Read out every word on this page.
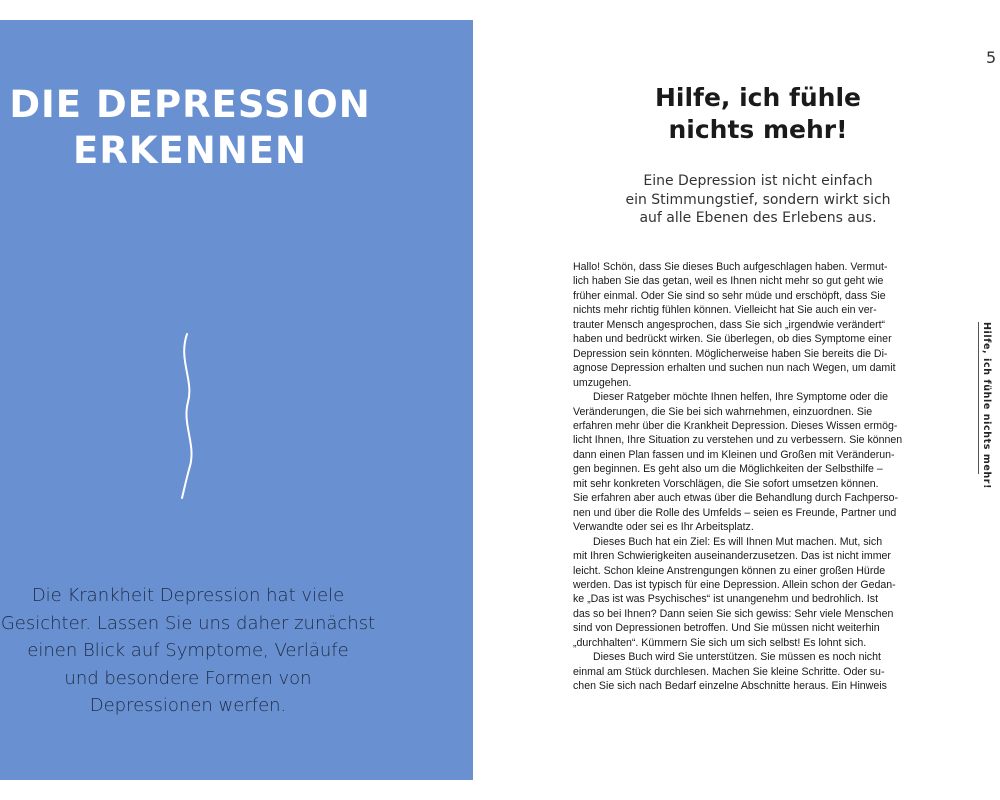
DIE DEPRESSION
ERKENNEN
Die Krankheit Depression hat viele
Gesichter. Lassen Sie uns daher zunächst
einen Blick auf Symptome, Verläufe
und besondere Formen von
Depressionen werfen.
5
Hilfe, ich fühle
nichts mehr!
Eine Depression ist nicht einfach
ein Stimmungstief, sondern wirkt sich
auf alle Ebenen des Erlebens aus.
Hallo! Schön, dass Sie dieses Buch aufgeschlagen haben. Vermut-
lich haben Sie das getan, weil es Ihnen nicht mehr so gut geht wie
früher einmal. Oder Sie sind so sehr müde und erschöpft, dass Sie
nichts mehr richtig fühlen können. Vielleicht hat Sie auch ein ver-
trauter Mensch angesprochen, dass Sie sich „irgendwie verändert“
haben und bedrückt wirken. Sie überlegen, ob dies Symptome einer
Depression sein könnten. Möglicherweise haben Sie bereits die Di-
agnose Depression erhalten und suchen nun nach Wegen, um damit
umzugehen.
Dieser Ratgeber möchte Ihnen helfen, Ihre Symptome oder die
Veränderungen, die Sie bei sich wahrnehmen, einzuordnen. Sie
erfahren mehr über die Krankheit Depression. Dieses Wissen ermög-
licht Ihnen, Ihre Situation zu verstehen und zu verbessern. Sie können
dann einen Plan fassen und im Kleinen und Großen mit Veränderun-
gen beginnen. Es geht also um die Möglichkeiten der Selbsthilfe –
mit sehr konkreten Vorschlägen, die Sie sofort umsetzen können.
Sie erfahren aber auch etwas über die Behandlung durch Fachperso-
nen und über die Rolle des Umfelds – seien es Freunde, Partner und
Verwandte oder sei es Ihr Arbeitsplatz.
Dieses Buch hat ein Ziel: Es will Ihnen Mut machen. Mut, sich
mit Ihren Schwierigkeiten auseinanderzusetzen. Das ist nicht immer
leicht. Schon kleine Anstrengungen können zu einer großen Hürde
werden. Das ist typisch für eine Depression. Allein schon der Gedan-
ke „Das ist was Psychisches“ ist unangenehm und bedrohlich. Ist
das so bei Ihnen? Dann seien Sie sich gewiss: Sehr viele Menschen
sind von Depressionen betroffen. Und Sie müssen nicht weiterhin
„durchhalten“. Kümmern Sie sich um sich selbst! Es lohnt sich.
Dieses Buch wird Sie unterstützen. Sie müssen es noch nicht
einmal am Stück durchlesen. Machen Sie kleine Schritte. Oder su-
chen Sie sich nach Bedarf einzelne Abschnitte heraus. Ein Hinweis
Hilfe, ich fühle nichts mehr!
